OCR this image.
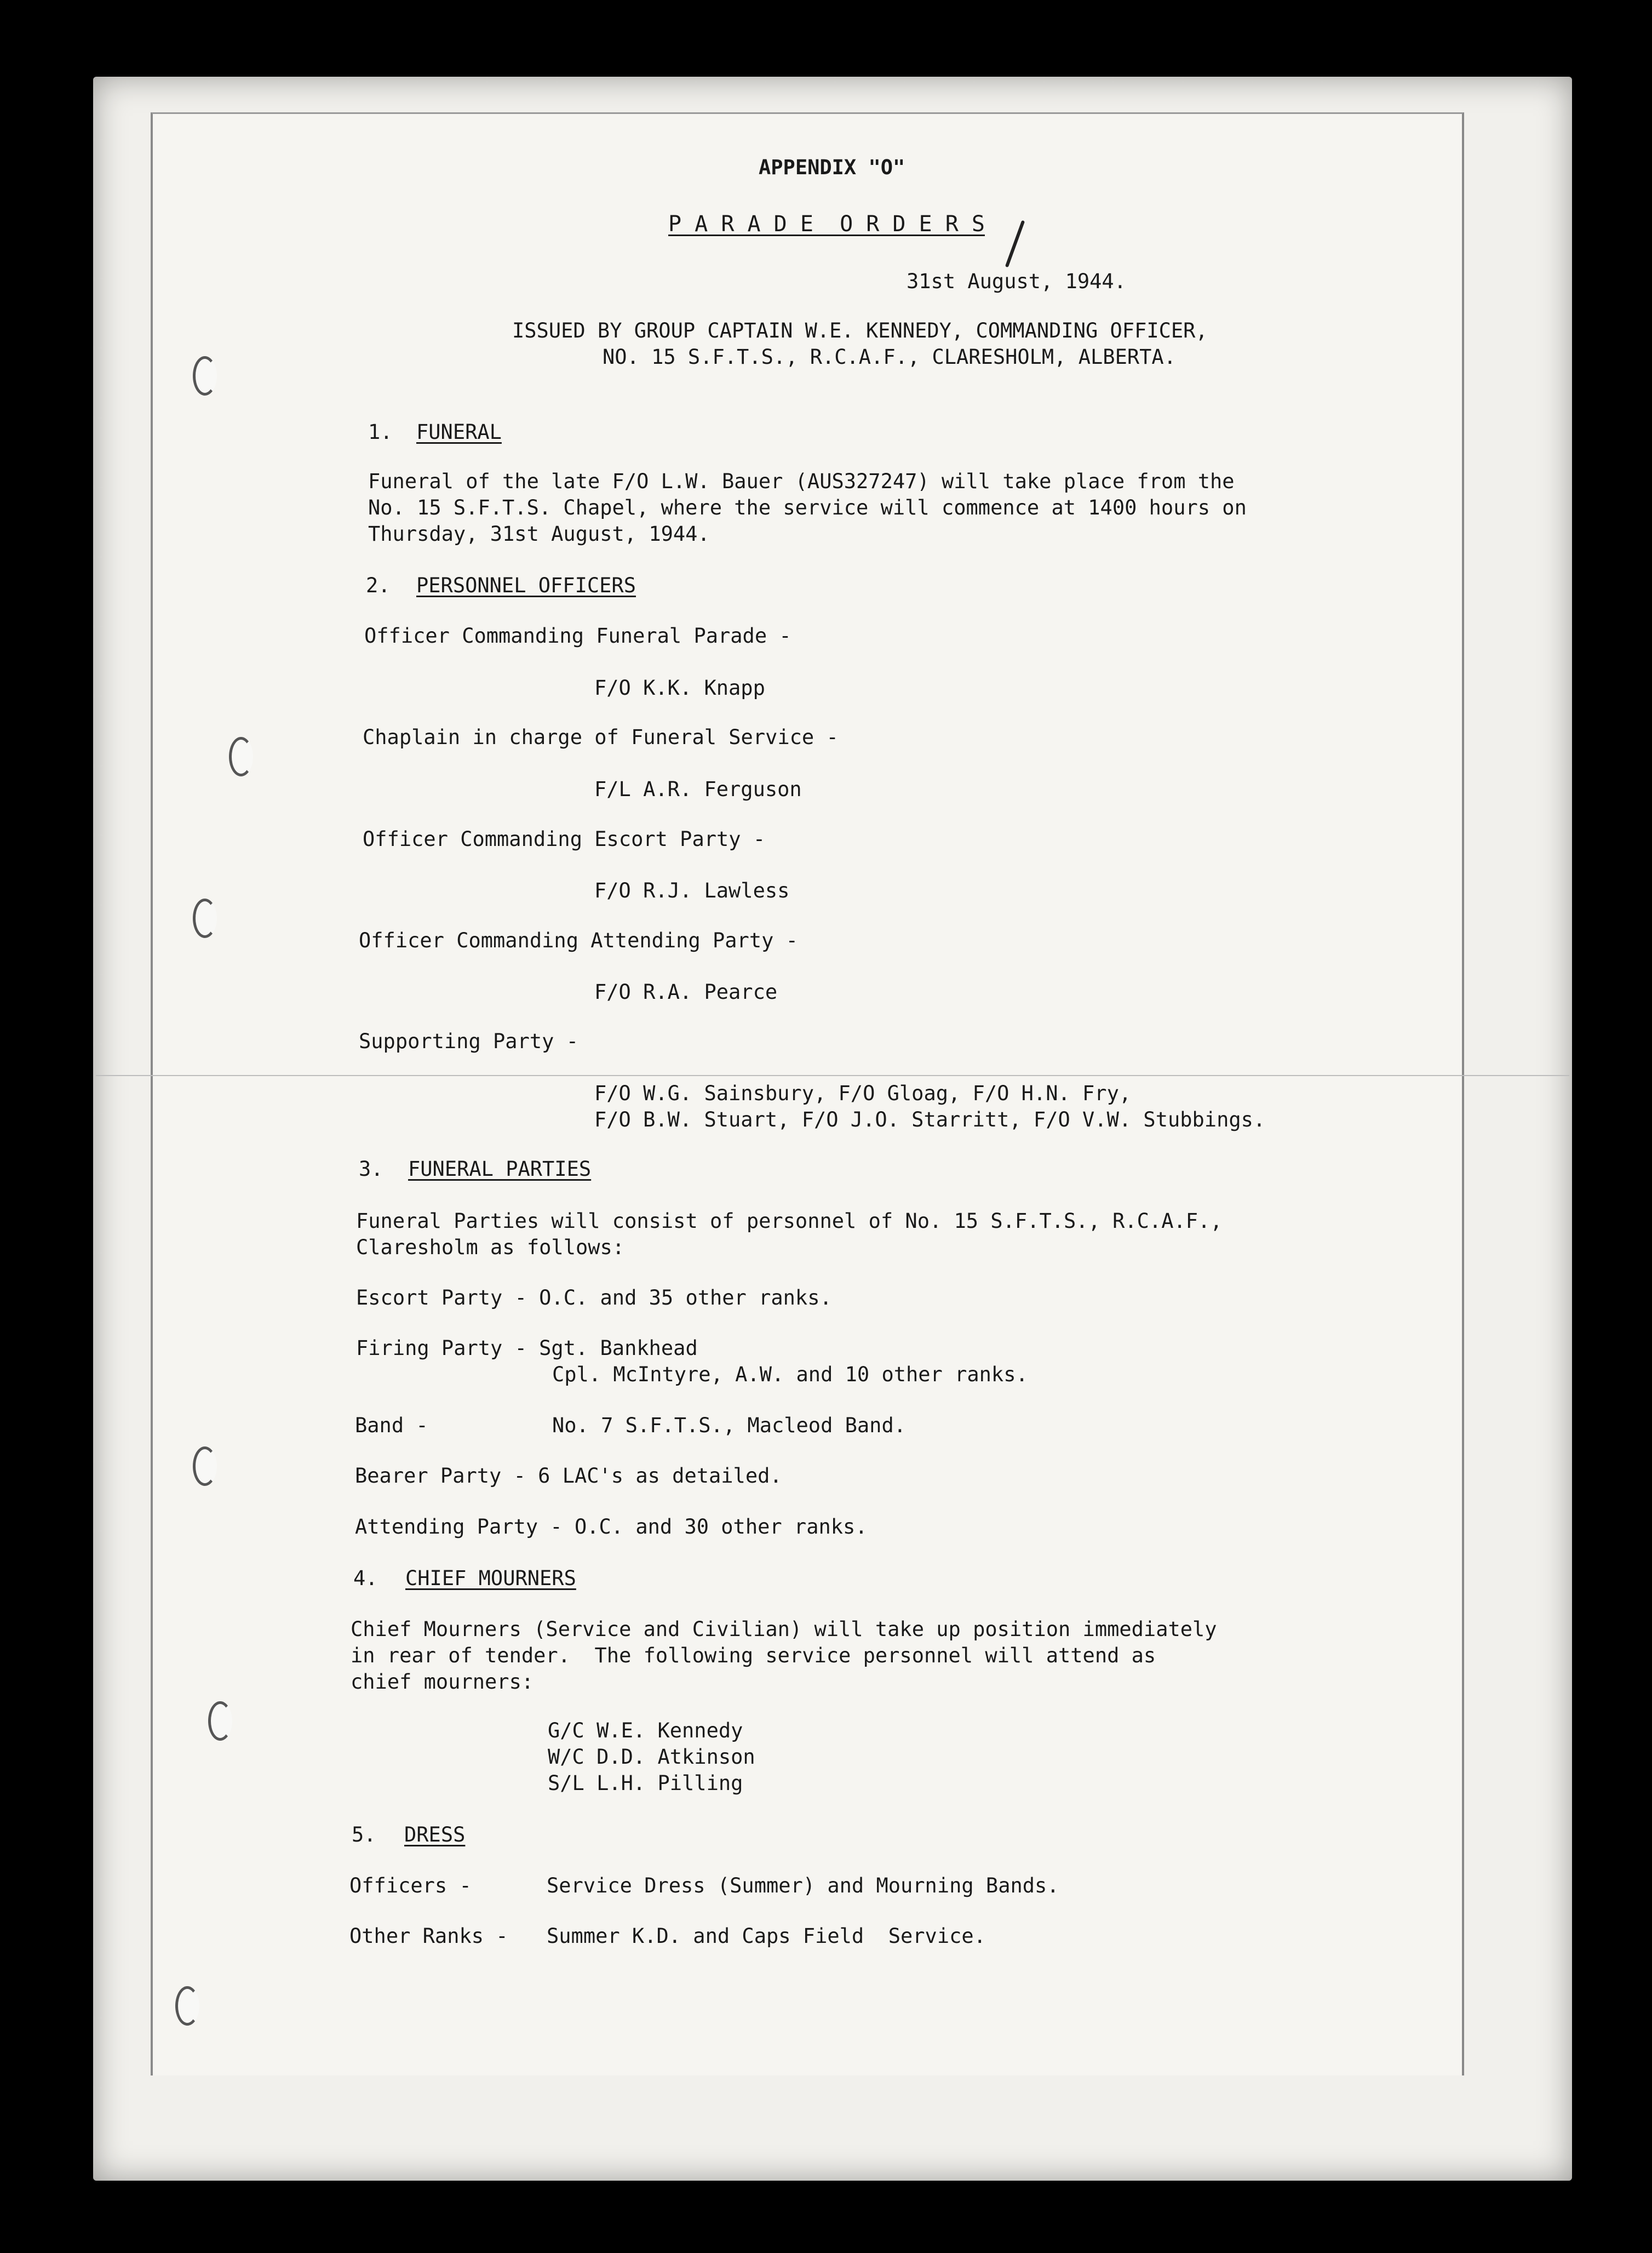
APPENDIX "O"
P A R A D E  O R D E R S
31st August, 1944.
ISSUED BY GROUP CAPTAIN W.E. KENNEDY, COMMANDING OFFICER,
NO. 15 S.F.T.S., R.C.A.F., CLARESHOLM, ALBERTA.
1. FUNERAL
Funeral of the late F/O L.W. Bauer (AUS327247) will take place from the
No. 15 S.F.T.S. Chapel, where the service will commence at 1400 hours on
Thursday, 31st August, 1944.
2. PERSONNEL OFFICERS
Officer Commanding Funeral Parade -
F/O K.K. Knapp
Chaplain in charge of Funeral Service -
F/L A.R. Ferguson
Officer Commanding Escort Party -
F/O R.J. Lawless
Officer Commanding Attending Party -
F/O R.A. Pearce
Supporting Party -
F/O W.G. Sainsbury, F/O Gloag, F/O H.N. Fry,
F/O B.W. Stuart, F/O J.O. Starritt, F/O V.W. Stubbings.
3. FUNERAL PARTIES
Funeral Parties will consist of personnel of No. 15 S.F.T.S., R.C.A.F.,
Claresholm as follows:
Escort Party - O.C. and 35 other ranks.
Firing Party - Sgt. Bankhead
Cpl. McIntyre, A.W. and 10 other ranks.
Band -	No. 7 S.F.T.S., Macleod Band.
Bearer Party - 6 LAC's as detailed.
Attending Party - O.C. and 30 other ranks.
4. CHIEF MOURNERS
Chief Mourners (Service and Civilian) will take up position immediately
in rear of tender.  The following service personnel will attend as
chief mourners:
G/C W.E. Kennedy
W/C D.D. Atkinson
S/L L.H. Pilling
5. DRESS
Officers -	Service Dress (Summer) and Mourning Bands.
Other Ranks - Summer K.D. and Caps Field  Service.
